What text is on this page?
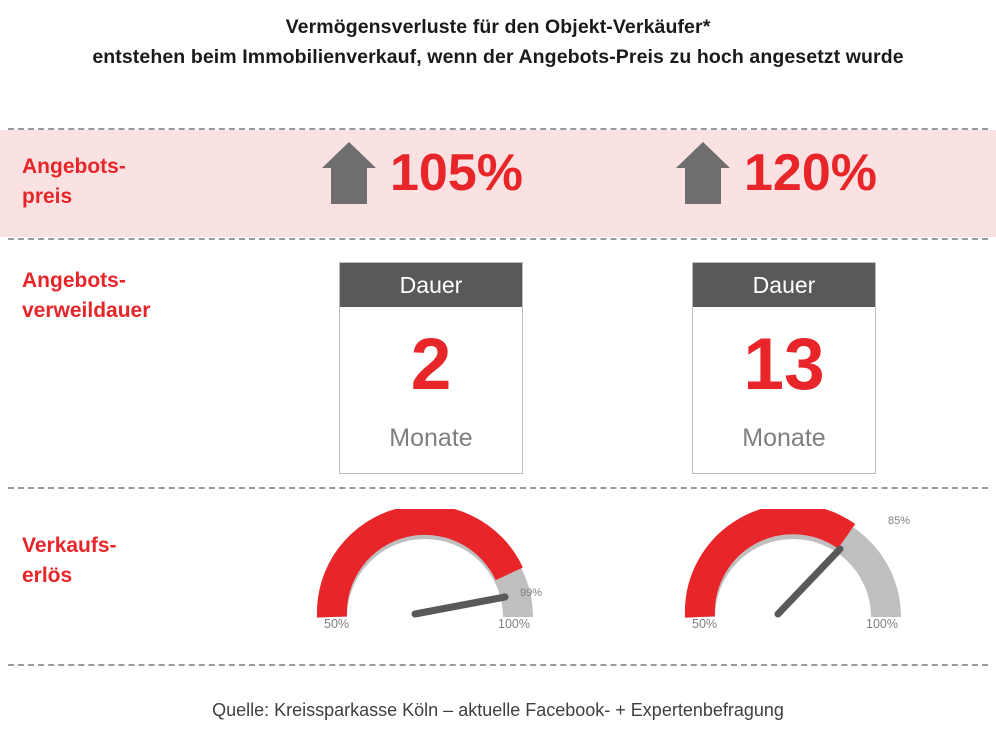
Vermögensverluste für den Objekt-Verkäufer*
entstehen beim Immobilienverkauf, wenn der Angebots-Preis zu hoch angesetzt wurde
Angebots-
preis	105%	120%
Angebots-
verweildauer
Dauer
2
Monate
Dauer
13
Monate
Verkaufs-
erlös
50%	100%
99%
50%	100%
85%
Quelle: Kreissparkasse Köln – aktuelle Facebook- + Expertenbefragung
